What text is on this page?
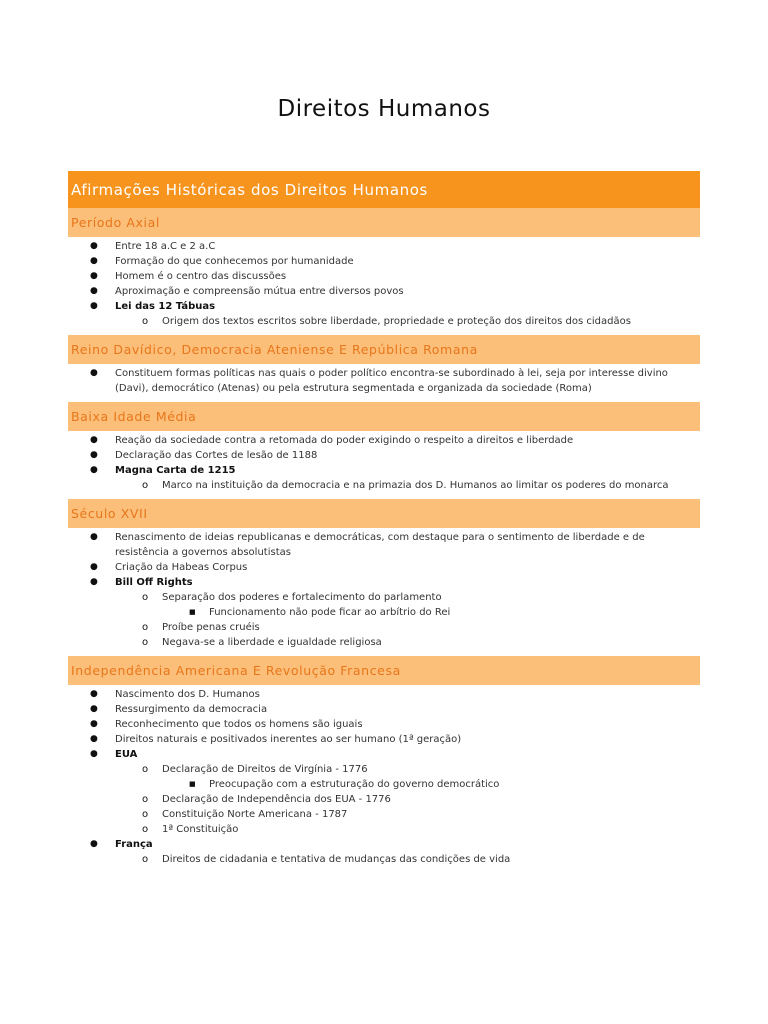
Direitos Humanos
Afirmações Históricas dos Direitos Humanos
Período Axial
● Entre 18 a.C e 2 a.C
● Formação do que conhecemos por humanidade
● Homem é o centro das discussões
● Aproximação e compreensão mútua entre diversos povos
● Lei das 12 Tábuas
o Origem dos textos escritos sobre liberdade, propriedade e proteção dos direitos dos cidadãos
Reino Davídico, Democracia Ateniense E República Romana
● Constituem formas políticas nas quais o poder político encontra-se subordinado à lei, seja por interesse divino (Davi), democrático (Atenas) ou pela estrutura segmentada e organizada da sociedade (Roma)
Baixa Idade Média
● Reação da sociedade contra a retomada do poder exigindo o respeito a direitos e liberdade
● Declaração das Cortes de lesão de 1188
● Magna Carta de 1215
o Marco na instituição da democracia e na primazia dos D. Humanos ao limitar os poderes do monarca
Século XVII
● Renascimento de ideias republicanas e democráticas, com destaque para o sentimento de liberdade e de resistência a governos absolutistas
● Criação da Habeas Corpus
● Bill Off Rights
o Separação dos poderes e fortalecimento do parlamento
■ Funcionamento não pode ficar ao arbítrio do Rei
o Proíbe penas cruéis
o Negava-se a liberdade e igualdade religiosa
Independência Americana E Revolução Francesa
● Nascimento dos D. Humanos
● Ressurgimento da democracia
● Reconhecimento que todos os homens são iguais
● Direitos naturais e positivados inerentes ao ser humano (1ª geração)
● EUA
o Declaração de Direitos de Virgínia - 1776
■ Preocupação com a estruturação do governo democrático
o Declaração de Independência dos EUA - 1776
o Constituição Norte Americana - 1787
o 1ª Constituição
● França
o Direitos de cidadania e tentativa de mudanças das condições de vida
